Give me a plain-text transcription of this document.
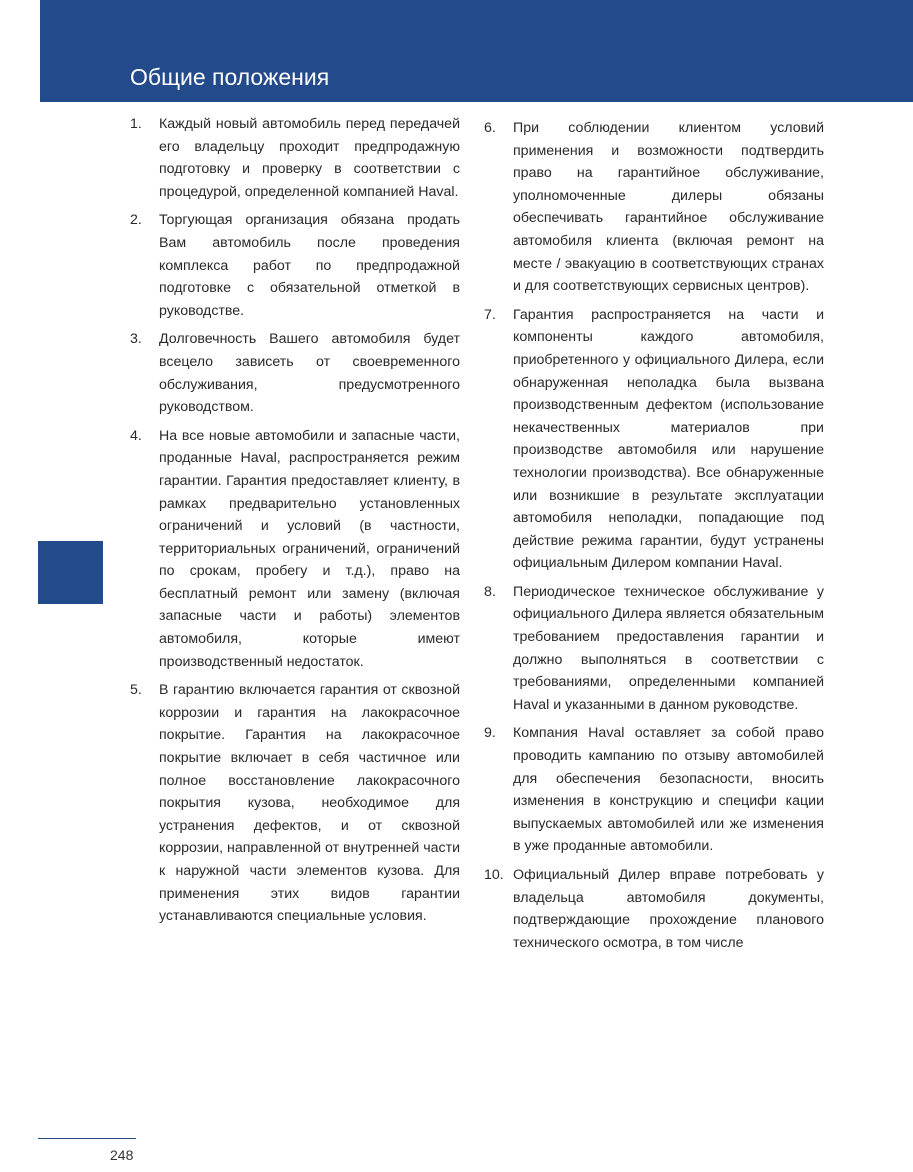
Общие положения
1. Каждый новый автомобиль перед передачей его владельцу проходит предпродажную подготовку и проверку в соответствии с процедурой, определенной компанией Haval.
2. Торгующая организация обязана продать Вам автомобиль после проведения комплекса работ по предпродажной подготовке с обязательной отметкой в руководстве.
3. Долговечность Вашего автомобиля будет всецело зависеть от своевременного обслуживания, предусмотренного руководством.
4. На все новые автомобили и запасные части, проданные Haval, распространяется режим гарантии. Гарантия предоставляет клиенту, в рамках предварительно установленных ограничений и условий (в частности, территориальных ограничений, ограничений по срокам, пробегу и т.д.), право на бесплатный ремонт или замену (включая запасные части и работы) элементов автомобиля, которые имеют производственный недостаток.
5. В гарантию включается гарантия от сквозной коррозии и гарантия на лакокрасочное покрытие. Гарантия на лакокрасочное покрытие включает в себя частичное или полное восстановление лакокрасочного покрытия кузова, необходимое для устранения дефектов, и от сквозной коррозии, направленной от внутренней части к наружной части элементов кузова. Для применения этих видов гарантии устанавливаются специальные условия.
6. При соблюдении клиентом условий применения и возможности подтвердить право на гарантийное обслуживание, уполномоченные дилеры обязаны обеспечивать гарантийное обслуживание автомобиля клиента (включая ремонт на месте / эвакуацию в соответствующих странах и для соответствующих сервисных центров).
7. Гарантия распространяется на части и компоненты каждого автомобиля, приобретенного у официального Дилера, если обнаруженная неполадка была вызвана производственным дефектом (использование некачественных материалов при производстве автомобиля или нарушение технологии производства). Все обнаруженные или возникшие в результате эксплуатации автомобиля неполадки, попадающие под действие режима гарантии, будут устранены официальным Дилером компании Haval.
8. Периодическое техническое обслуживание у официального Дилера является обязательным требованием предоставления гарантии и должно выполняться в соответствии с требованиями, определенными компанией Haval и указанными в данном руководстве.
9. Компания Haval оставляет за собой право проводить кампанию по отзыву автомобилей для обеспечения безопасности, вносить изменения в конструкцию и специфи кации выпускаемых автомобилей или же изменения в уже проданные автомобили.
10. Официальный Дилер вправе потребовать у владельца автомобиля документы, подтверждающие прохождение планового технического осмотра, в том числе
248
